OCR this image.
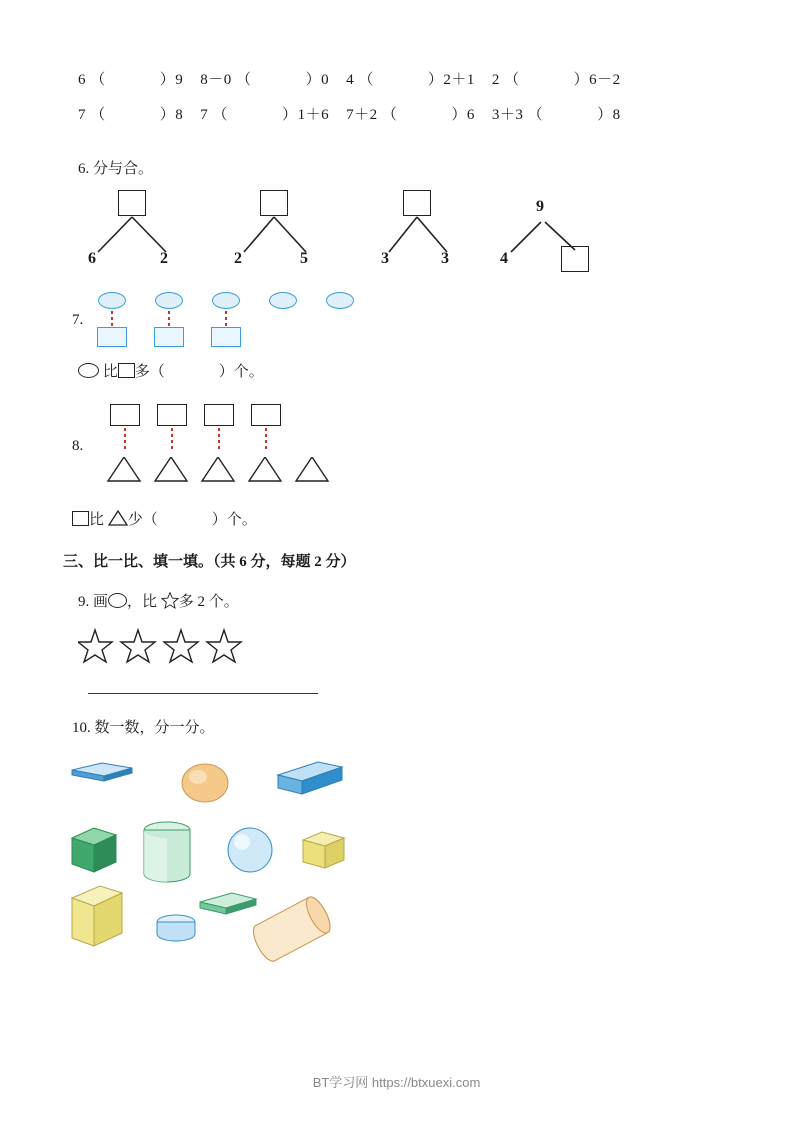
6 （	）9 8－0 （	）0 4 （	）2＋1 2 （	）6－2
7 （	）8 7 （	）1＋6 7＋2 （	）6 3＋3 （	）8
6. 分与合。
6	2	2	5	3	3
9
4
7.
比 多（	）个。
8.
比 少（	）个。
三、比一比、填一填。（共 6 分，每题 2 分）
9. 画 ，比 多 2 个。
10. 数一数，分一分。
BT学习网 https://btxuexi.com
